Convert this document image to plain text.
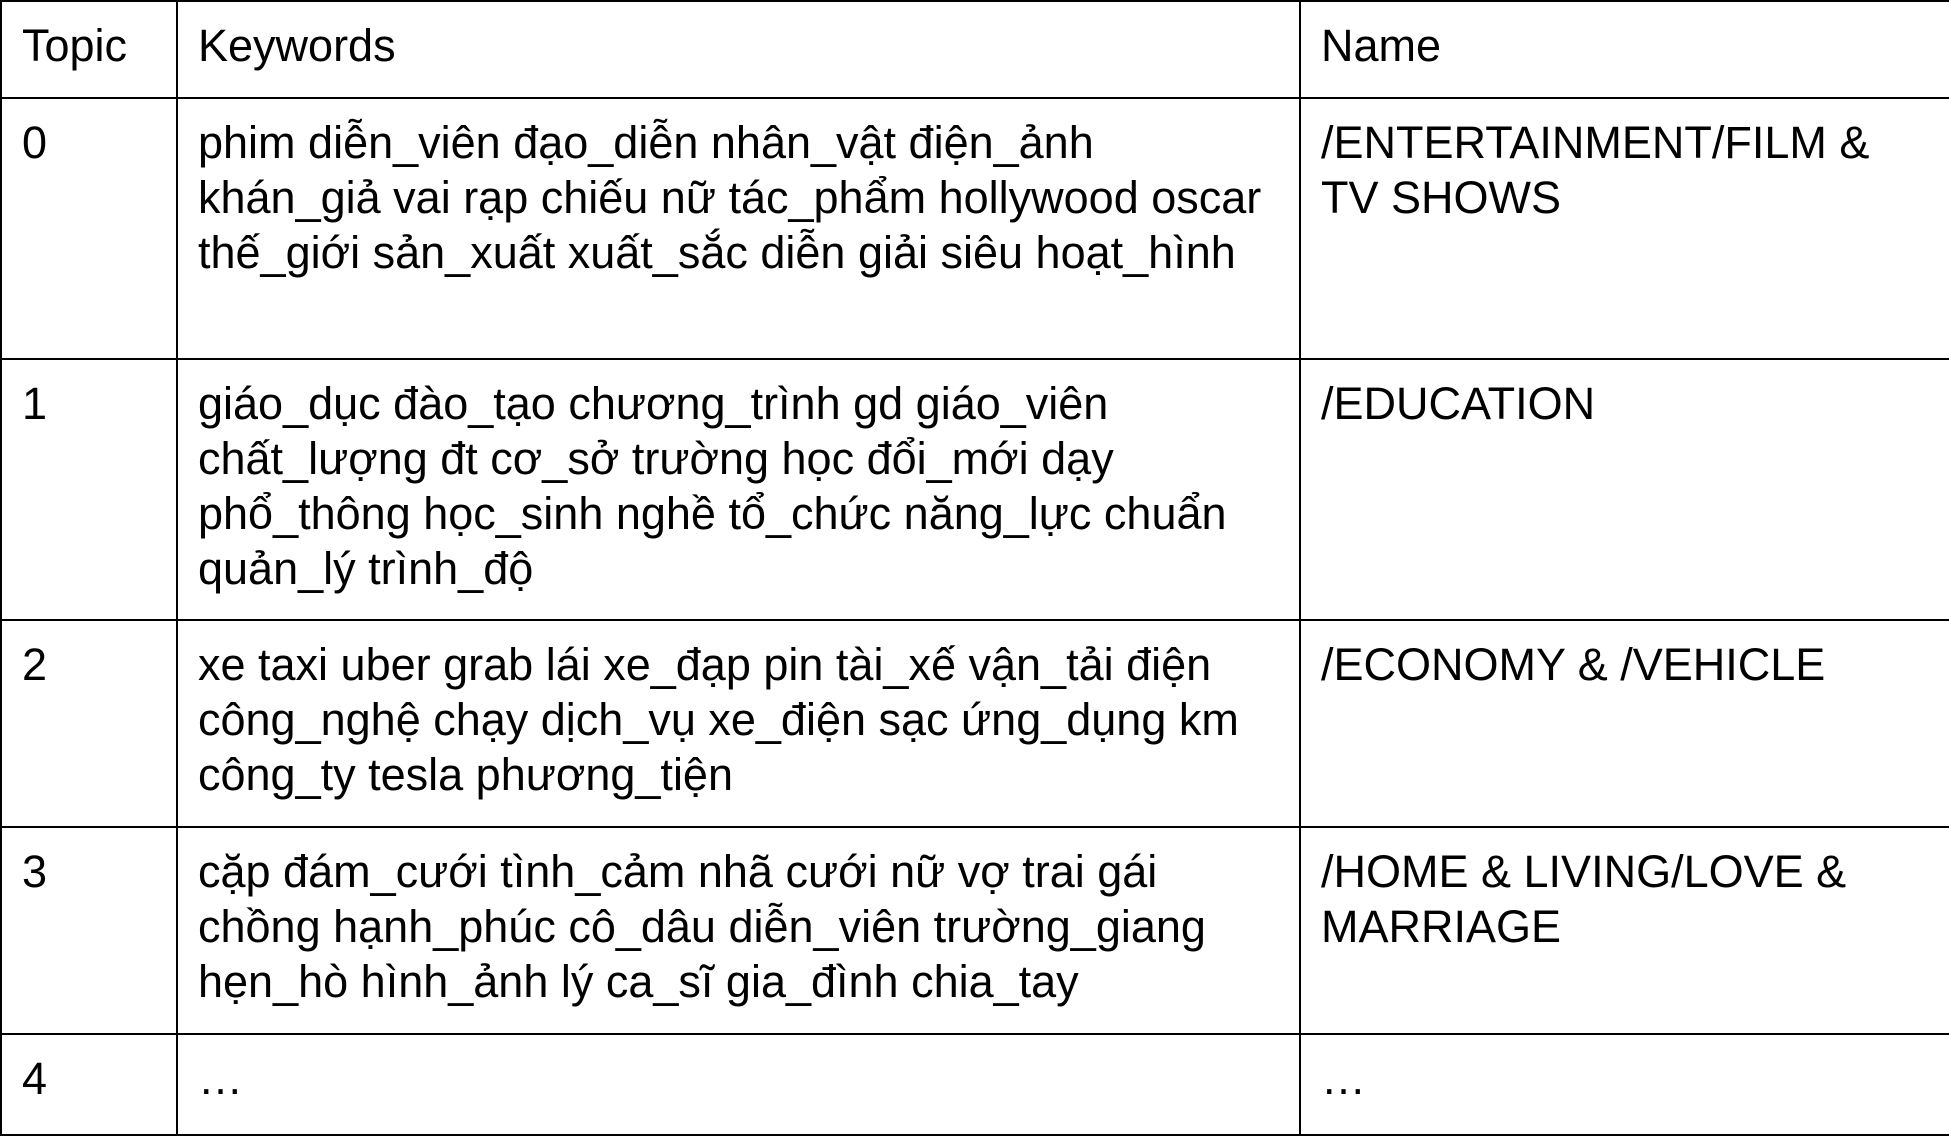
Topic	Keywords	Name
0	phim diễn_viên đạo_diễn nhân_vật điện_ảnh khán_giả vai rạp chiếu nữ tác_phẩm hollywood oscar thế_giới sản_xuất xuất_sắc diễn giải siêu hoạt_hình	/ENTERTAINMENT/FILM & TV SHOWS
1	giáo_dục đào_tạo chương_trình gd giáo_viên chất_lượng đt cơ_sở trường học đổi_mới dạy phổ_thông học_sinh nghề tổ_chức năng_lực chuẩn quản_lý trình_độ	/EDUCATION
2	xe taxi uber grab lái xe_đạp pin tài_xế vận_tải điện công_nghệ chạy dịch_vụ xe_điện sạc ứng_dụng km công_ty tesla phương_tiện	/ECONOMY & /VEHICLE
3	cặp đám_cưới tình_cảm nhã cưới nữ vợ trai gái chồng hạnh_phúc cô_dâu diễn_viên trường_giang hẹn_hò hình_ảnh lý ca_sĩ gia_đình chia_tay	/HOME & LIVING/LOVE & MARRIAGE
4	…	…
